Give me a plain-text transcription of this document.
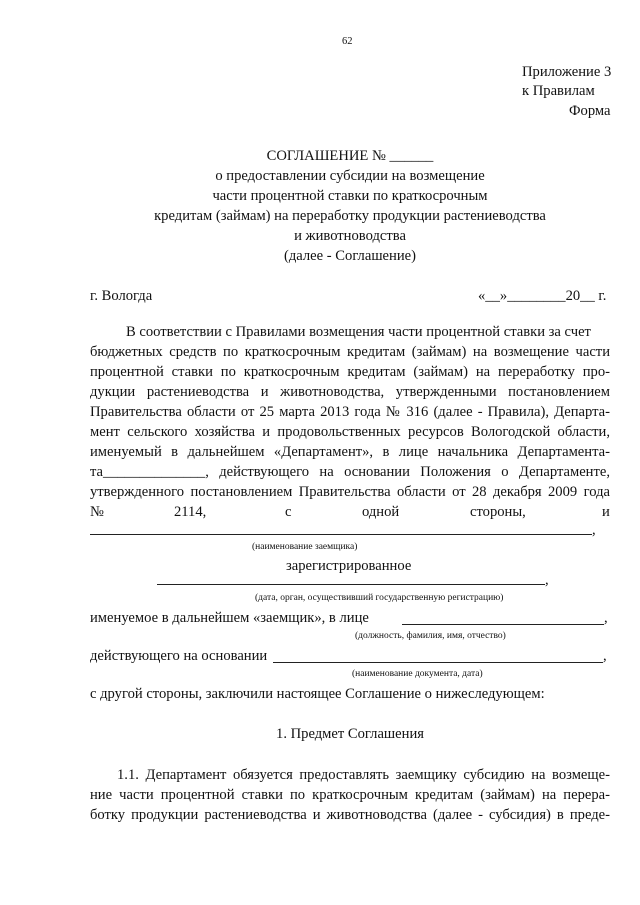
62
Приложение 3
к Правилам
Форма
СОГЛАШЕНИЕ № ______
о предоставлении субсидии на возмещение
части процентной ставки по краткосрочным
кредитам (займам) на переработку продукции растениеводства
и животноводства
(далее - Соглашение)
г. Вологда	«__»________20__ г.
В соответствии с Правилами возмещения части процентной ставки за счет
бюджетных средств по краткосрочным кредитам (займам) на возмещение части
процентной ставки по краткосрочным кредитам (займам) на переработку про-
дукции растениеводства и животноводства, утвержденными постановлением
Правительства области от 25 марта 2013 года № 316 (далее - Правила), Департа-
мент сельского хозяйства и продовольственных ресурсов Вологодской области,
именуемый в дальнейшем «Департамент», в лице начальника Департамента-
та______________, действующего на основании Положения о Департаменте,
утвержденного постановлением Правительства области от 28 декабря 2009 года
№	2114,	с	одной	стороны,	и
,
(наименование заемщика)
зарегистрированное
,
(дата, орган, осуществивший государственную регистрацию)
именуемое в дальнейшем «заемщик», в лице	,
(должность, фамилия, имя, отчество)
действующего на основании	,
(наименование документа, дата)
с другой стороны, заключили настоящее Соглашение о нижеследующем:
1. Предмет Соглашения
1.1. Департамент обязуется предоставлять заемщику субсидию на возмеще-
ние части процентной ставки по краткосрочным кредитам (займам) на перера-
ботку продукции растениеводства и животноводства (далее - субсидия) в преде-
